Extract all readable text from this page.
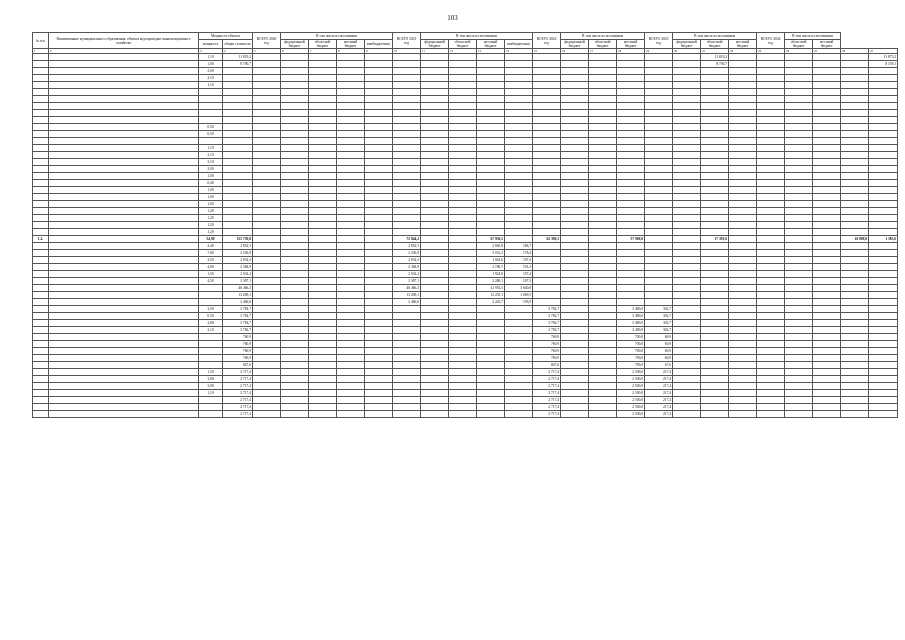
103
№ п/п	Наименование муниципального образования, объекта водопроводно-канализационного хозяйства	Мощность объекта		ВСЕГО 2020 год	В том числе из источников				ВСЕГО 2021 год	В том числе из источников				ВСЕГО 2022 год	В том числе из источников			ВСЕГО 2023 год	В том числе из источников			ВСЕГО 2024 год	В том числе из источников			
		мощность	общая стоимость		федеральный бюджет	областной бюджет	местный бюджет	внебюджетные		федеральный бюджет	областной бюджет	местный бюджет	внебюджетные		федеральный бюджет	областной бюджет	местный бюджет		федеральный бюджет	областной бюджет	местный бюджет		областной бюджет	местный бюджет		
1	2	3	4	5	6	7	8	9	10	11	12	13	14	15	16	17	18	19	20	21	22	23	24	25	26	27
		1,10	11 819,2																	11 819,2						11 875,2
		1,00	8 700,7																	8 700,7						8 159,1
		2,00																								
		2,10																								
		1,10																								

		0,50																								
		0,50																								

		1,10																								
		2,10																								
		3,10																								
		2,00																								
		1,00																								
		0,40																								
		1,00																								
		1,00																								
		1,00																								
		1,20																								
		1,20																								
		1,20																								
		1,20																								
1.2.		54,90	155 750,8						72 844,2			67 936,5		62 396,1			57 906,0			17 391,6					16 008,0	1 383,6
		4,40	2 852,5						2 852,5			2 665,8	186,7													
		7,00	2 256,9						2 256,9			2 031,2	178,4													
		3,50	2 032,3						2 032,3			1 924,6	107,4													
		4,00	2 384,9						2 384,9			2 196,7	191,2													
		1,50	2 032,2						2 032,2			1 924,6	107,4													
		4,50	2 387,1						2 387,1			2 280,1	107,3													
			46 466,3						46 466,3			41 953,5	3 640,8													
			13 209,1						13 209,1			12 235,1	1 069,5													
			2 466,6						2 466,6			2 243,7	193,9													
		3,50	3 782,7											3 782,7			3 480,0	302,7								
		0,50	3 782,7											3 782,7			3 480,0	302,7								
		2,80	3 782,7											3 782,7			3 480,0	302,7								
		2,10	3 782,7											3 782,7			3 480,0	302,7								
			760,9											760,9			700,0	60,9								
			760,9											760,9			700,0	60,9								
			760,9											760,9			700,0	60,9								
			760,9											760,9			700,0	60,9								
			847,6											847,6			780,0	67,6								
		1,50	2 717,4											2 717,4			2 500,0	217,4								
		3,80	2 717,4											2 717,4			2 500,0	217,4								
		3,00	2 717,4											2 717,4			2 500,0	217,4								
		1,10	2 717,4											2 717,4			2 500,0	217,4								
			2 717,4											2 717,4			2 500,0	217,4								
			2 717,4											2 717,4			2 500,0	217,4								
			2 717,4											2 717,4			2 500,0	217,4								
